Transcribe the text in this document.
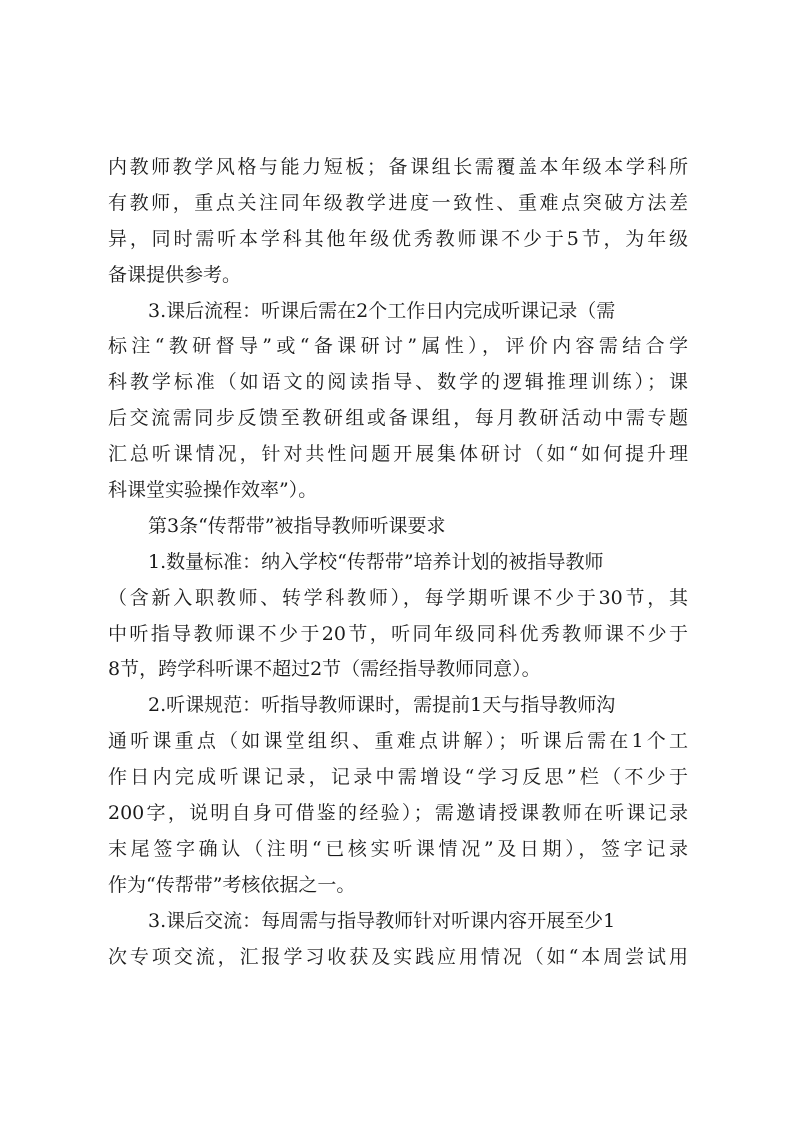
内教师教学风格与能力短板；备课组长需覆盖本年级本学科所
有教师，重点关注同年级教学进度一致性、重难点突破方法差
异，同时需听本学科其他年级优秀教师课不少于5节，为年级
备课提供参考。
3.课后流程：听课后需在2个工作日内完成听课记录（需
标注“教研督导”或“备课研讨”属性），评价内容需结合学
科教学标准（如语文的阅读指导、数学的逻辑推理训练）；课
后交流需同步反馈至教研组或备课组，每月教研活动中需专题
汇总听课情况，针对共性问题开展集体研讨（如“如何提升理
科课堂实验操作效率”）。
第3条“传帮带”被指导教师听课要求
1.数量标准：纳入学校“传帮带”培养计划的被指导教师
（含新入职教师、转学科教师），每学期听课不少于30节，其
中听指导教师课不少于20节，听同年级同科优秀教师课不少于
8节，跨学科听课不超过2节（需经指导教师同意）。
2.听课规范：听指导教师课时，需提前1天与指导教师沟
通听课重点（如课堂组织、重难点讲解）；听课后需在1个工
作日内完成听课记录，记录中需增设“学习反思”栏（不少于
200字，说明自身可借鉴的经验）；需邀请授课教师在听课记录
末尾签字确认（注明“已核实听课情况”及日期），签字记录
作为“传帮带”考核依据之一。
3.课后交流：每周需与指导教师针对听课内容开展至少1
次专项交流，汇报学习收获及实践应用情况（如“本周尝试用
